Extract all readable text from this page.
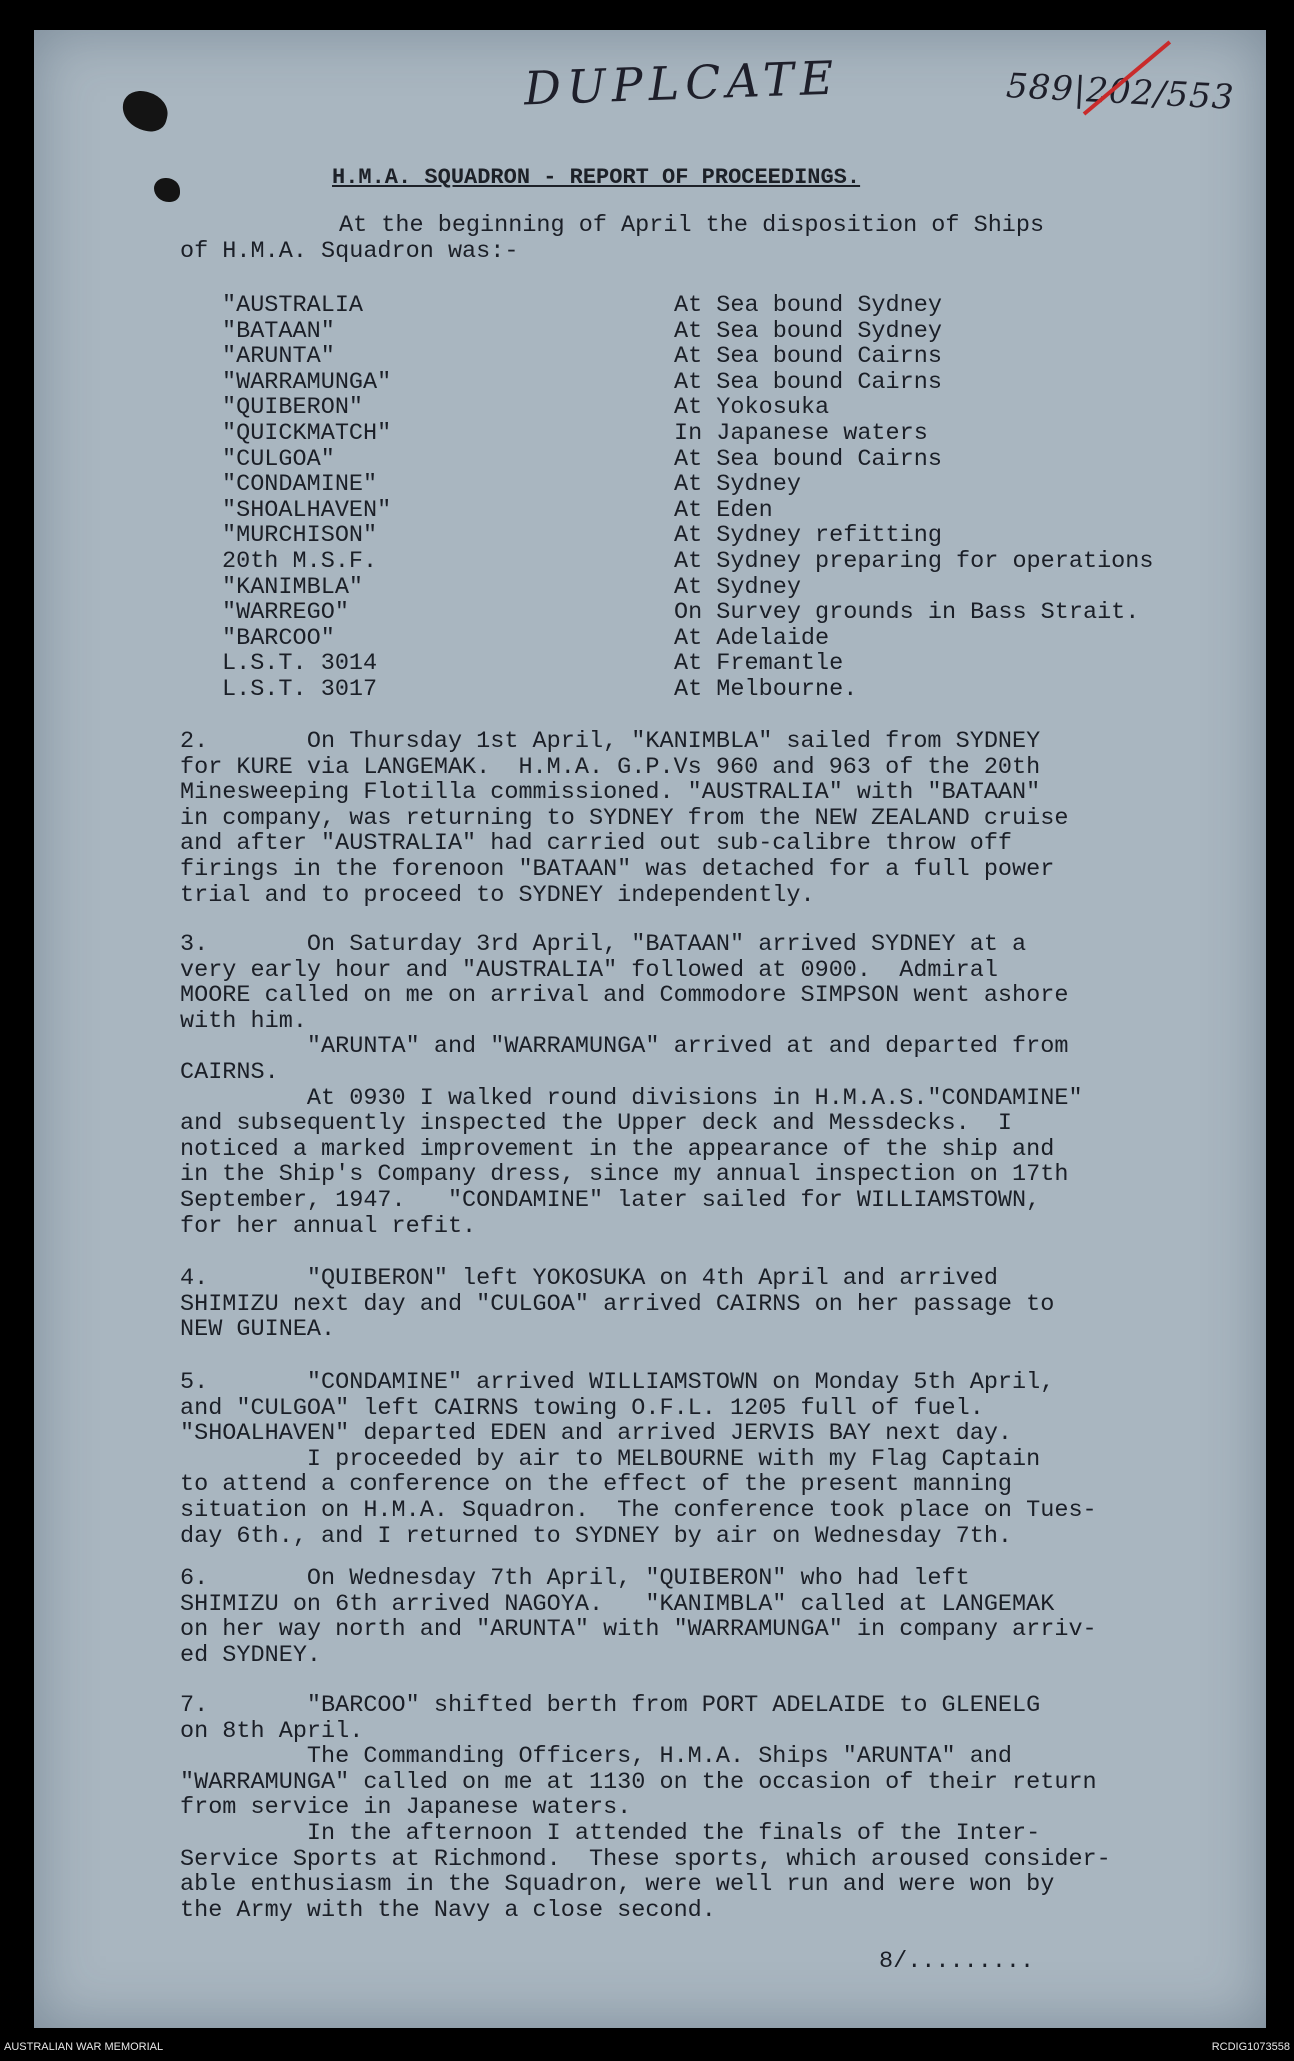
DUPLCATE	589|202/553
H.M.A. SQUADRON - REPORT OF PROCEEDINGS.
At the beginning of April the disposition of Ships
of H.M.A. Squadron was:-
"AUSTRALIA	At Sea bound Sydney
"BATAAN"	At Sea bound Sydney
"ARUNTA"	At Sea bound Cairns
"WARRAMUNGA"	At Sea bound Cairns
"QUIBERON"	At Yokosuka
"QUICKMATCH"	In Japanese waters
"CULGOA"	At Sea bound Cairns
"CONDAMINE"	At Sydney
"SHOALHAVEN"	At Eden
"MURCHISON"	At Sydney refitting
20th M.S.F.	At Sydney preparing for operations
"KANIMBLA"	At Sydney
"WARREGO"	On Survey grounds in Bass Strait.
"BARCOO"	At Adelaide
L.S.T. 3014	At Fremantle
L.S.T. 3017	At Melbourne.
2.       On Thursday 1st April, "KANIMBLA" sailed from SYDNEY
for KURE via LANGEMAK.  H.M.A. G.P.Vs 960 and 963 of the 20th
Minesweeping Flotilla commissioned. "AUSTRALIA" with "BATAAN"
in company, was returning to SYDNEY from the NEW ZEALAND cruise
and after "AUSTRALIA" had carried out sub-calibre throw off
firings in the forenoon "BATAAN" was detached for a full power
trial and to proceed to SYDNEY independently.
3.       On Saturday 3rd April, "BATAAN" arrived SYDNEY at a
very early hour and "AUSTRALIA" followed at 0900.  Admiral
MOORE called on me on arrival and Commodore SIMPSON went ashore
with him.
"ARUNTA" and "WARRAMUNGA" arrived at and departed from
CAIRNS.
At 0930 I walked round divisions in H.M.A.S."CONDAMINE"
and subsequently inspected the Upper deck and Messdecks.  I
noticed a marked improvement in the appearance of the ship and
in the Ship's Company dress, since my annual inspection on 17th
September, 1947.   "CONDAMINE" later sailed for WILLIAMSTOWN,
for her annual refit.
4.       "QUIBERON" left YOKOSUKA on 4th April and arrived
SHIMIZU next day and "CULGOA" arrived CAIRNS on her passage to
NEW GUINEA.
5.       "CONDAMINE" arrived WILLIAMSTOWN on Monday 5th April,
and "CULGOA" left CAIRNS towing O.F.L. 1205 full of fuel.
"SHOALHAVEN" departed EDEN and arrived JERVIS BAY next day.
I proceeded by air to MELBOURNE with my Flag Captain
to attend a conference on the effect of the present manning
situation on H.M.A. Squadron.  The conference took place on Tues-
day 6th., and I returned to SYDNEY by air on Wednesday 7th.
6.       On Wednesday 7th April, "QUIBERON" who had left
SHIMIZU on 6th arrived NAGOYA.   "KANIMBLA" called at LANGEMAK
on her way north and "ARUNTA" with "WARRAMUNGA" in company arriv-
ed SYDNEY.
7.       "BARCOO" shifted berth from PORT ADELAIDE to GLENELG
on 8th April.
The Commanding Officers, H.M.A. Ships "ARUNTA" and
"WARRAMUNGA" called on me at 1130 on the occasion of their return
from service in Japanese waters.
In the afternoon I attended the finals of the Inter-
Service Sports at Richmond.  These sports, which aroused consider-
able enthusiasm in the Squadron, were well run and were won by
the Army with the Navy a close second.
8/.........
AUSTRALIAN WAR MEMORIAL	RCDIG1073558
